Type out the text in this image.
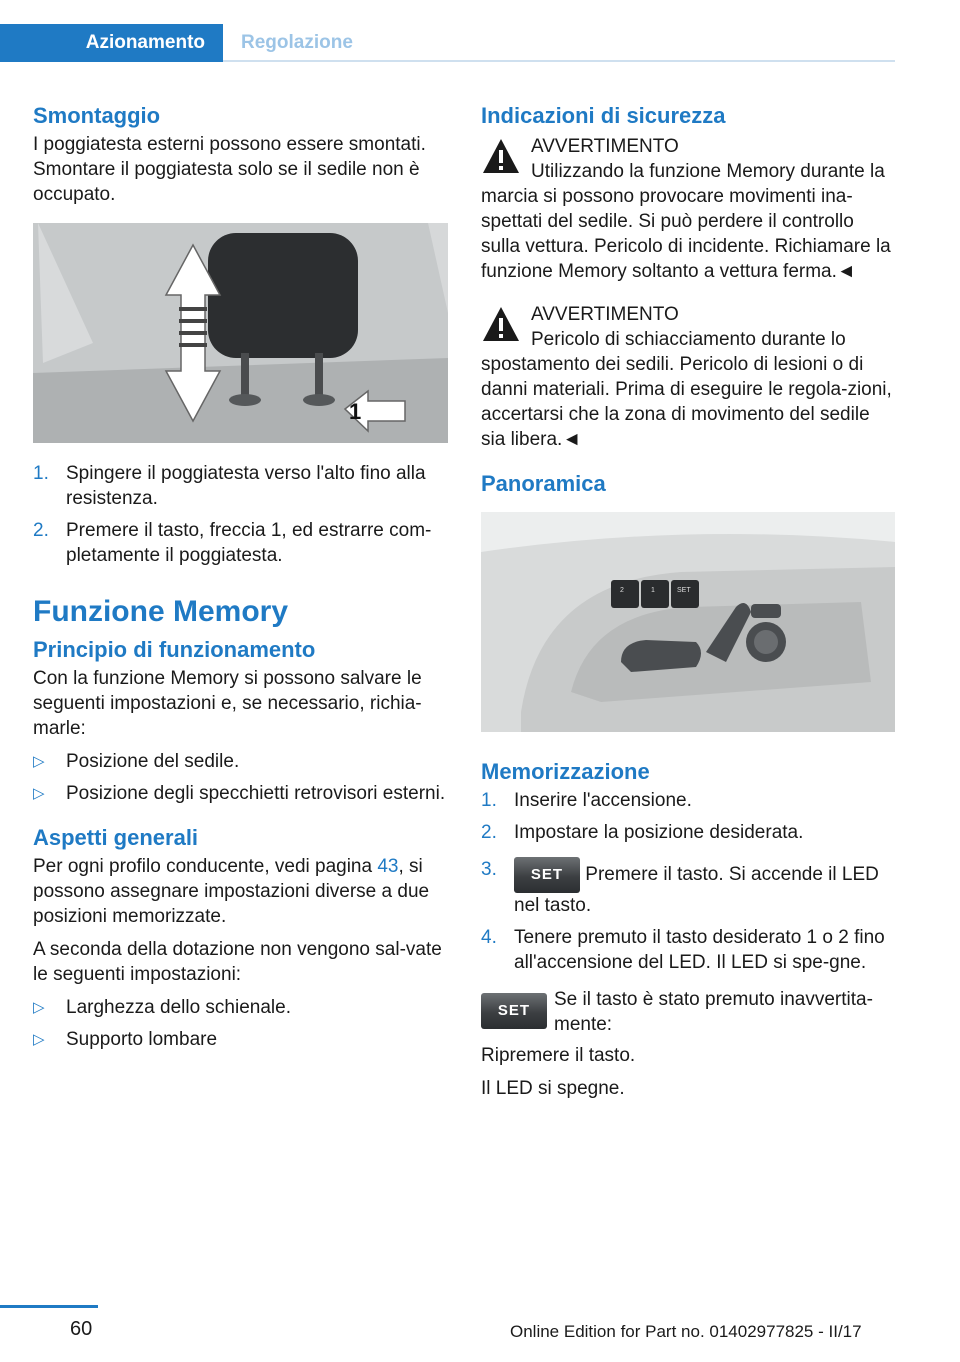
Azionamento	Regolazione
Smontaggio

I poggiatesta esterni possono essere smontati. Smontare il poggiatesta solo se il sedile non è occupato.

1
1. Spingere il poggiatesta verso l'alto fino alla resistenza.
2. Premere il tasto, freccia 1, ed estrarre com‐pletamente il poggiatesta.
Funzione Memory
Principio di funzionamento

Con la funzione Memory si possono salvare le seguenti impostazioni e, se necessario, richia‐marle:

▷ Posizione del sedile.
▷ Posizione degli specchietti retrovisori esterni.
Aspetti generali

Per ogni profilo conducente, vedi pagina 43, si possono assegnare impostazioni diverse a due posizioni memorizzate.

A seconda della dotazione non vengono sal‐vate le seguenti impostazioni:

▷ Larghezza dello schienale.
▷ Supporto lombare
Indicazioni di sicurezza

AVVERTIMENTO

Utilizzando la funzione Memory durante la marcia si possono provocare movimenti ina‐spettati del sedile. Si può perdere il controllo sulla vettura. Pericolo di incidente. Richiamare la funzione Memory soltanto a vettura ferma.◄

AVVERTIMENTO

Pericolo di schiacciamento durante lo spostamento dei sedili. Pericolo di lesioni o di danni materiali. Prima di eseguire le regola‐zioni, accertarsi che la zona di movimento del sedile sia libera.◄

Panoramica
2	1	SET
Memorizzazione
1. Inserire l'accensione.
2. Impostare la posizione desiderata.
3. SET Premere il tasto. Si accende il LED nel tasto.
4. Tenere premuto il tasto desiderato 1 o 2 fino all'accensione del LED. Il LED si spe‐gne.
SET

Se il tasto è stato premuto inavvertita‐mente:

Ripremere il tasto.

Il LED si spegne.

60	Online Edition for Part no. 01402977825 - II/17
